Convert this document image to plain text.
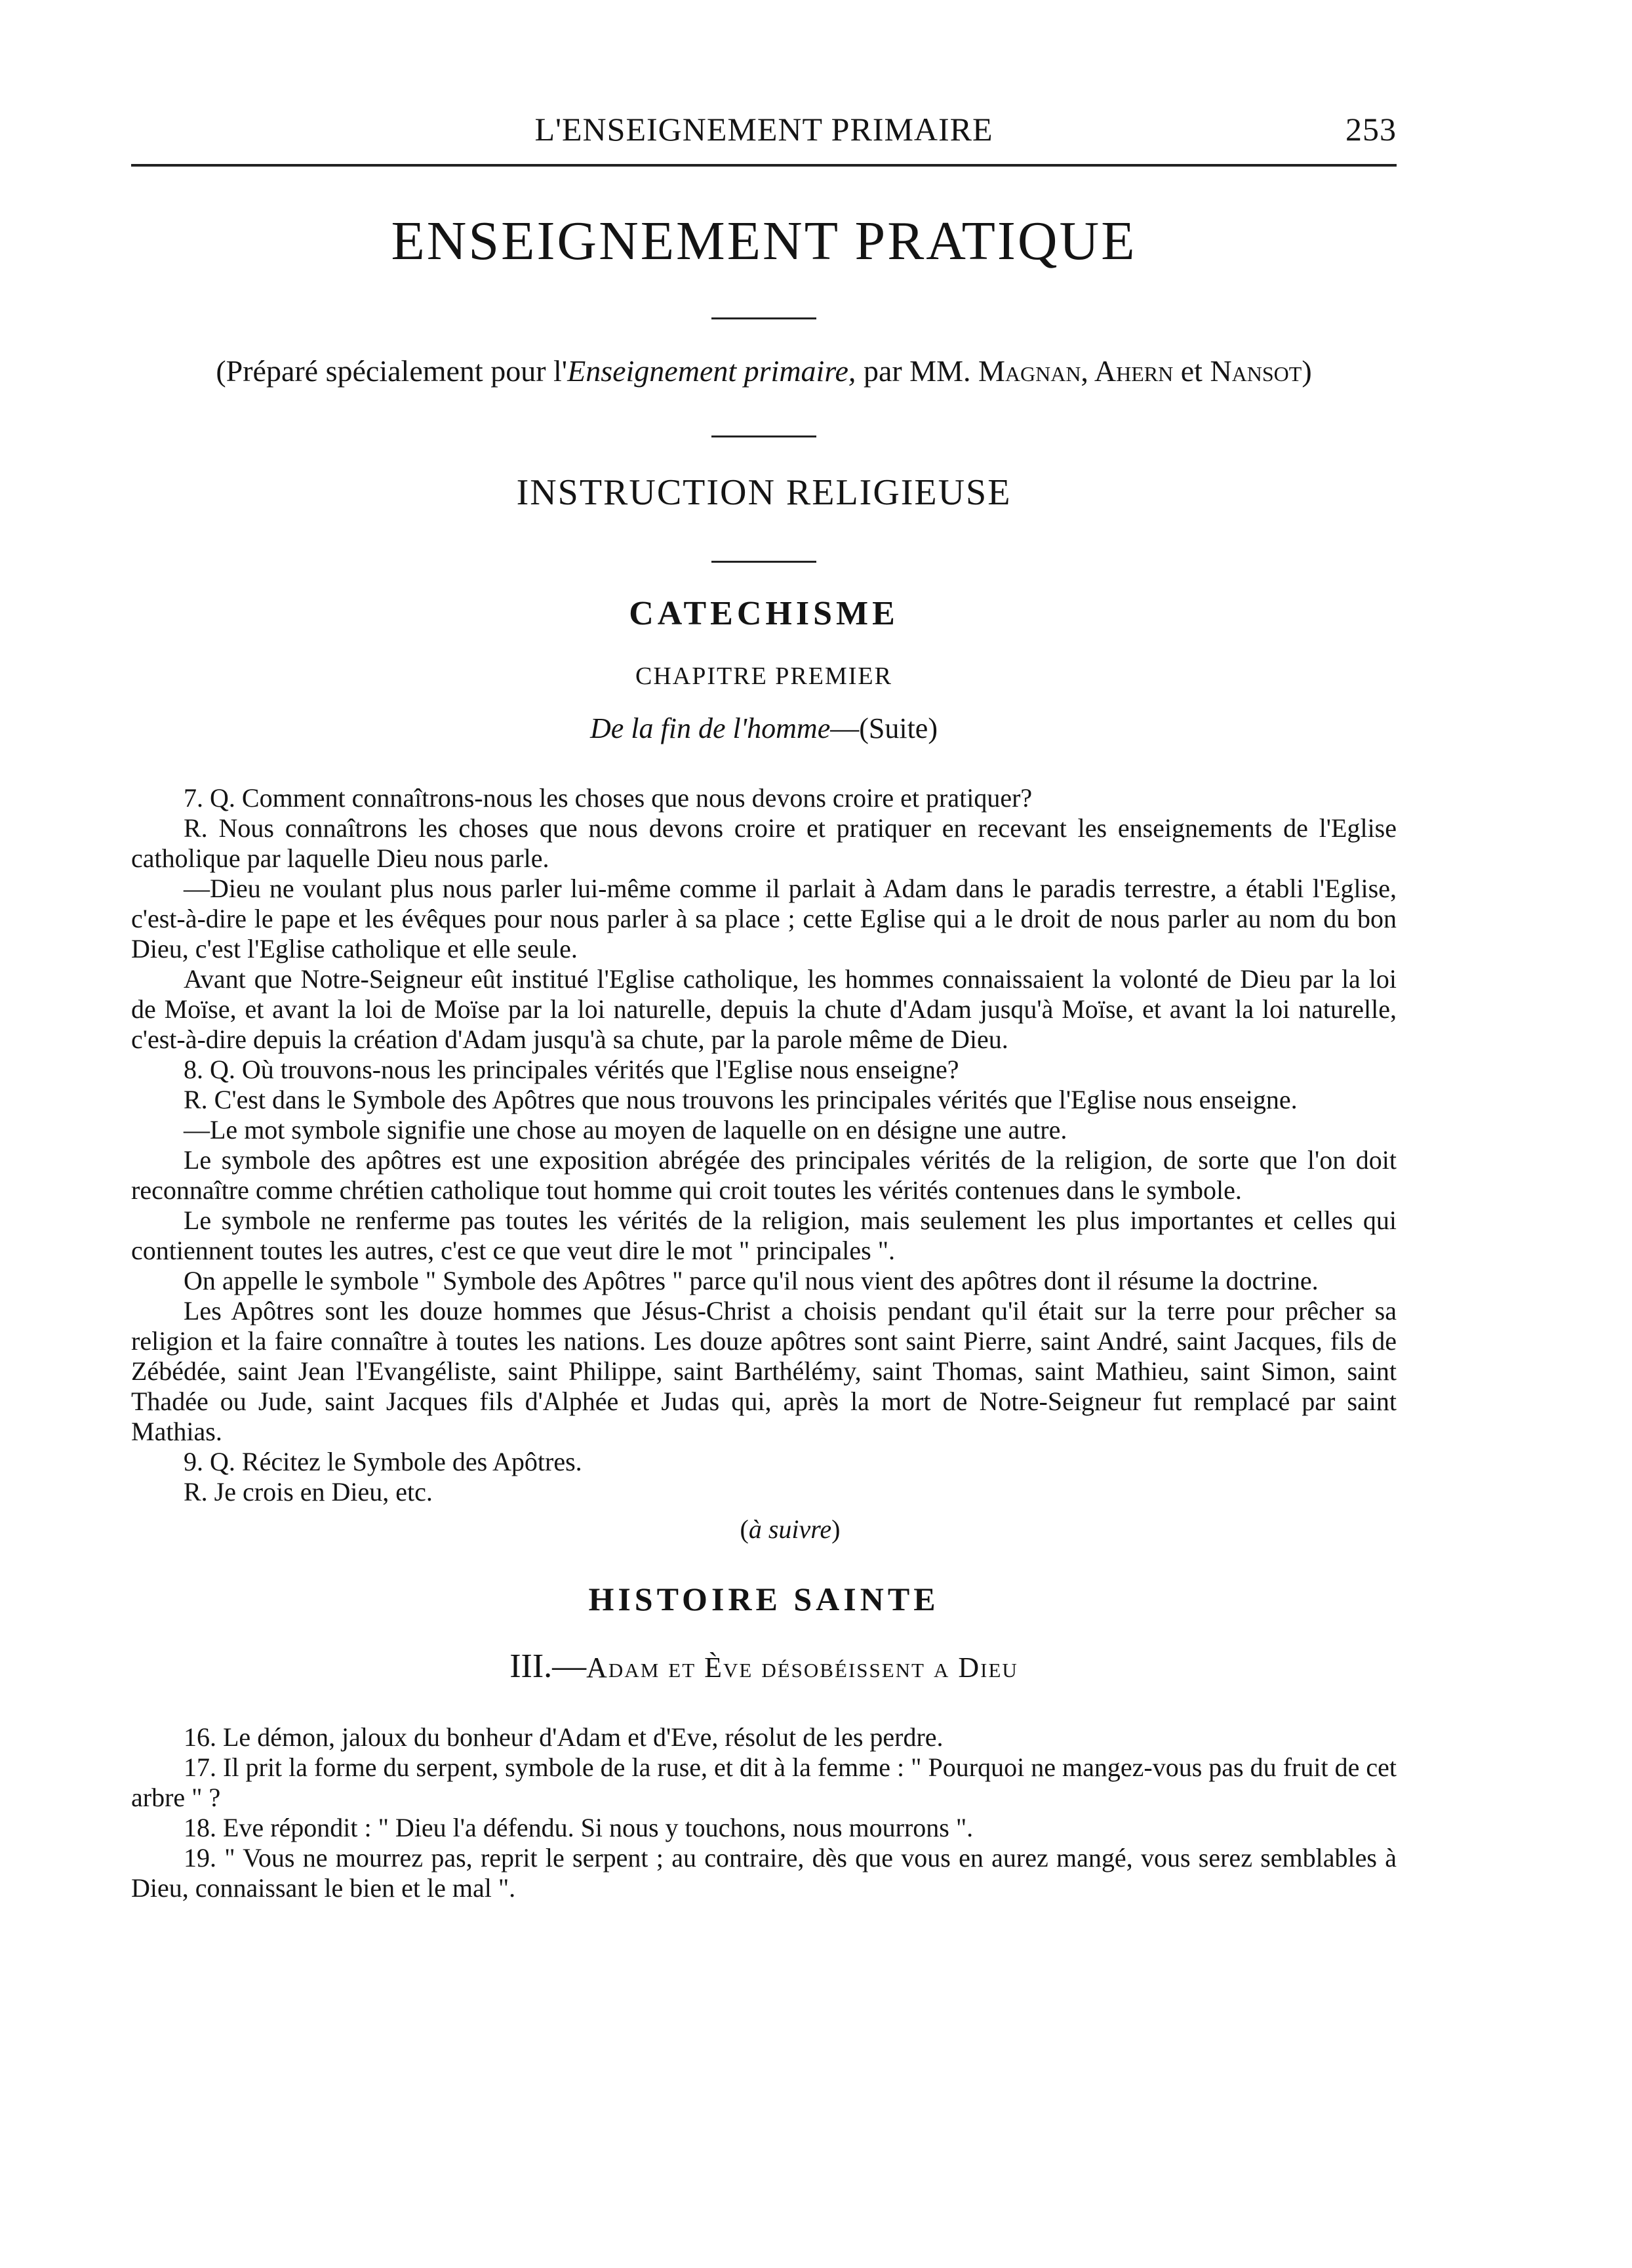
L'ENSEIGNEMENT PRIMAIRE	253
ENSEIGNEMENT PRATIQUE
(Préparé spécialement pour l'Enseignement primaire, par MM. Magnan, Ahern et Nansot)
INSTRUCTION RELIGIEUSE
CATECHISME
CHAPITRE PREMIER
De la fin de l'homme—(Suite)

7. Q. Comment connaîtrons-nous les choses que nous devons croire et pratiquer?

R. Nous connaîtrons les choses que nous devons croire et pratiquer en recevant les enseignements de l'Eglise catholique par laquelle Dieu nous parle.

—Dieu ne voulant plus nous parler lui-même comme il parlait à Adam dans le paradis terrestre, a établi l'Eglise, c'est-à-dire le pape et les évêques pour nous parler à sa place ; cette Eglise qui a le droit de nous parler au nom du bon Dieu, c'est l'Eglise catholique et elle seule.

Avant que Notre-Seigneur eût institué l'Eglise catholique, les hommes connaissaient la volonté de Dieu par la loi de Moïse, et avant la loi de Moïse par la loi naturelle, depuis la chute d'Adam jusqu'à Moïse, et avant la loi naturelle, c'est-à-dire depuis la création d'Adam jusqu'à sa chute, par la parole même de Dieu.

8. Q. Où trouvons-nous les principales vérités que l'Eglise nous enseigne?

R. C'est dans le Symbole des Apôtres que nous trouvons les principales vérités que l'Eglise nous enseigne.

—Le mot symbole signifie une chose au moyen de laquelle on en désigne une autre.

Le symbole des apôtres est une exposition abrégée des principales vérités de la religion, de sorte que l'on doit reconnaître comme chrétien catholique tout homme qui croit toutes les vérités contenues dans le symbole.

Le symbole ne renferme pas toutes les vérités de la religion, mais seulement les plus importantes et celles qui contiennent toutes les autres, c'est ce que veut dire le mot " principales ".

On appelle le symbole " Symbole des Apôtres " parce qu'il nous vient des apôtres dont il résume la doctrine.

Les Apôtres sont les douze hommes que Jésus-Christ a choisis pendant qu'il était sur la terre pour prêcher sa religion et la faire connaître à toutes les nations. Les douze apôtres sont saint Pierre, saint André, saint Jacques, fils de Zébédée, saint Jean l'Evangéliste, saint Philippe, saint Barthélémy, saint Thomas, saint Mathieu, saint Simon, saint Thadée ou Jude, saint Jacques fils d'Alphée et Judas qui, après la mort de Notre-Seigneur fut remplacé par saint Mathias.

9. Q. Récitez le Symbole des Apôtres.

R. Je crois en Dieu, etc.

(à suivre)
HISTOIRE SAINTE
III.—Adam et Ève désobéissent a Dieu

16. Le démon, jaloux du bonheur d'Adam et d'Eve, résolut de les perdre.

17. Il prit la forme du serpent, symbole de la ruse, et dit à la femme : " Pourquoi ne mangez-vous pas du fruit de cet arbre " ?

18. Eve répondit : " Dieu l'a défendu. Si nous y touchons, nous mourrons ".

19. " Vous ne mourrez pas, reprit le serpent ; au contraire, dès que vous en aurez mangé, vous serez semblables à Dieu, connaissant le bien et le mal ".
